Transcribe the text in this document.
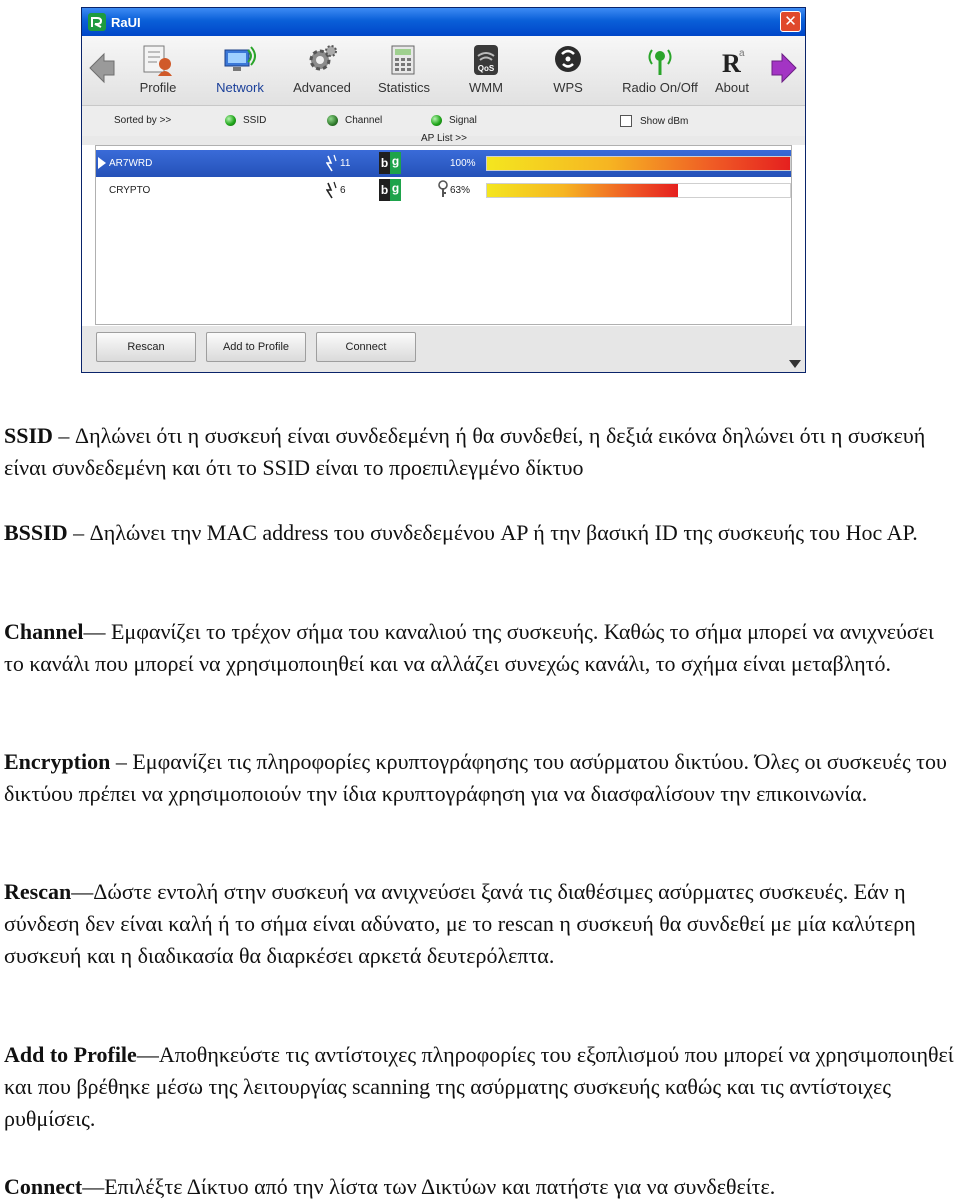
RaUI	✕
Profile	Network	Advanced	Statistics
QoS
WMM	WPS	Radio On/Off
R
a
About
Sorted by >>	SSID	Channel	Signal	Show dBm
AP List >>
AR7WRD	11	b g	100%
CRYPTO	6	b g	63%
Rescan	Add to Profile	Connect

SSID – Δηλώνει ότι η συσκευή είναι συνδεδεμένη ή θα συνδεθεί, η δεξιά εικόνα δηλώνει ότι η συσκευή είναι συνδεδεμένη και ότι το SSID είναι το προεπιλεγμένο δίκτυο

BSSID – Δηλώνει την MAC address του συνδεδεμένου AP ή την βασική ID της συσκευής του Hoc AP.

Channel— Εμφανίζει το τρέχον σήμα του καναλιού της συσκευής. Καθώς το σήμα μπορεί να ανιχνεύσει το κανάλι που μπορεί να χρησιμοποιηθεί και να αλλάζει συνεχώς κανάλι, το σχήμα είναι μεταβλητό.

Encryption – Εμφανίζει τις πληροφορίες κρυπτογράφησης του ασύρματου δικτύου. Όλες οι συσκευές του δικτύου πρέπει να χρησιμοποιούν την ίδια κρυπτογράφηση για να διασφαλίσουν την επικοινωνία.

Rescan—Δώστε εντολή στην συσκευή να ανιχνεύσει ξανά τις διαθέσιμες ασύρματες συσκευές. Εάν η σύνδεση δεν είναι καλή ή το σήμα είναι αδύνατο, με το rescan η συσκευή θα συνδεθεί με μία καλύτερη συσκευή και η διαδικασία θα διαρκέσει αρκετά δευτερόλεπτα.

Add to Profile—Αποθηκεύστε τις αντίστοιχες πληροφορίες του εξοπλισμού που μπορεί να χρησιμοποιηθεί και που βρέθηκε μέσω της λειτουργίας scanning της ασύρματης συσκευής καθώς και τις αντίστοιχες ρυθμίσεις.

Connect—Επιλέξτε Δίκτυο από την λίστα των Δικτύων και πατήστε για να συνδεθείτε.
